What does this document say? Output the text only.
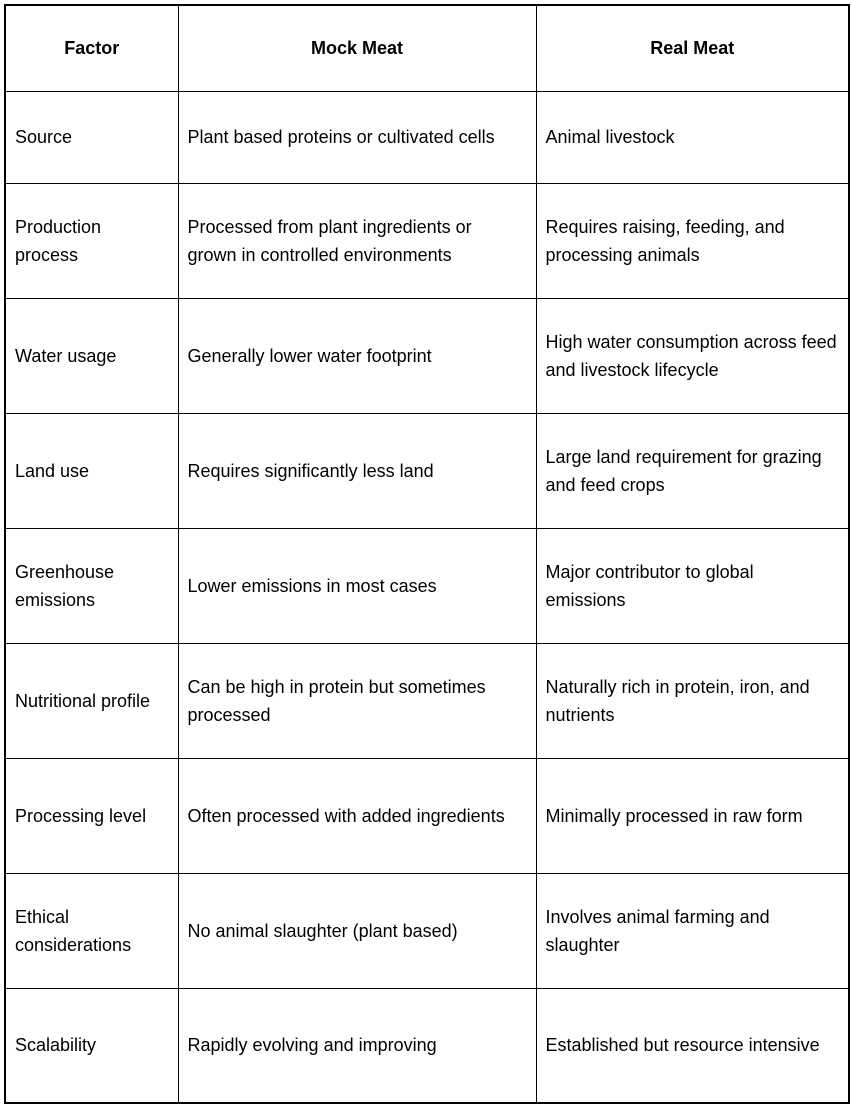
Factor	Mock Meat	Real Meat
Source	Plant based proteins or cultivated cells	Animal livestock
Production process	Processed from plant ingredients or grown in controlled environments	Requires raising, feeding, and processing animals
Water usage	Generally lower water footprint	High water consumption across feed and livestock lifecycle
Land use	Requires significantly less land	Large land requirement for grazing and feed crops
Greenhouse emissions	Lower emissions in most cases	Major contributor to global emissions
Nutritional profile	Can be high in protein but sometimes processed	Naturally rich in protein, iron, and nutrients
Processing level	Often processed with added ingredients	Minimally processed in raw form
Ethical considerations	No animal slaughter (plant based)	Involves animal farming and slaughter
Scalability	Rapidly evolving and improving	Established but resource intensive
